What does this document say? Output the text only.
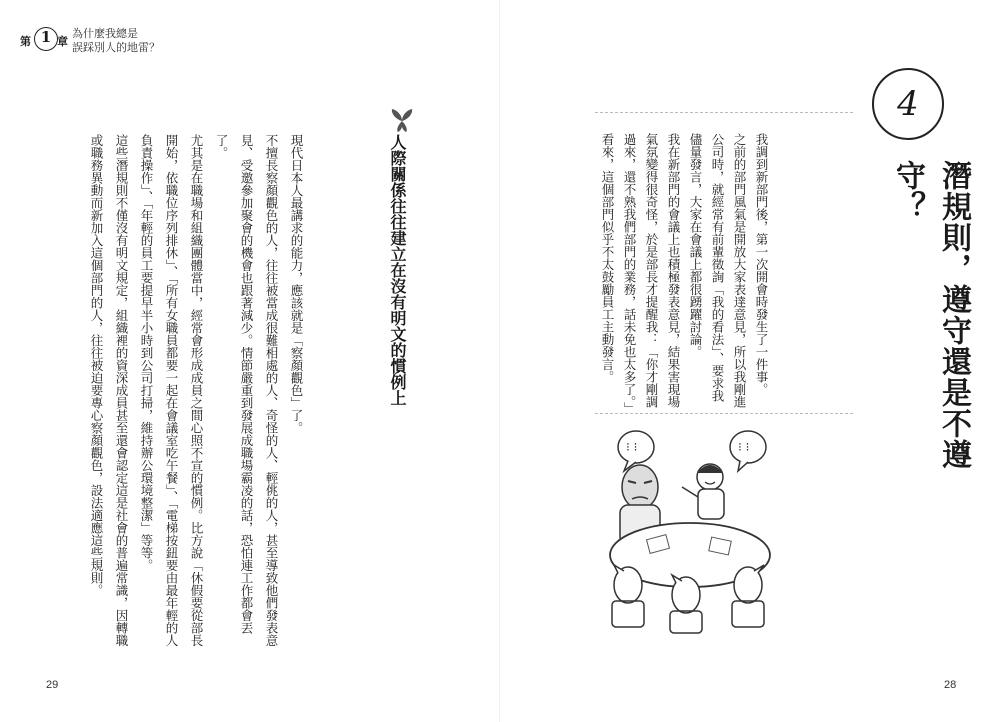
第 1 章
為什麼我總是
誤踩別人的地雷？
人際關係往往建立在沒有明文的慣例上
現代日本人最講求的能力，應該就是「察顏觀色」了。
不擅長察顏觀色的人，往往被當成很難相處的人、奇怪的人、輕佻的人，甚至導致他們發表意見、受邀參加聚會的機會也跟著減少。情節嚴重到發展成職場霸凌的話，恐怕連工作都會丟了。
尤其是在職場和組織團體當中，經常會形成成員之間心照不宣的慣例。比方說「休假要從部長開始，依職位序列排休」、「所有女職員都要一起在會議室吃午餐」、「電梯按鈕要由最年輕的人負責操作」、「年輕的員工要提早半小時到公司打掃，維持辦公環境整潔」等等。
這些潛規則不僅沒有明文規定，組織裡的資深成員甚至還會認定這是社會的普遍常識，因轉職或職務異動而新加入這個部門的人，往往被迫要專心察顏觀色，設法適應這些規則。
29
4
潛規則，遵守還是不遵守？
我調到新部門後，第一次開會時發生了一件事。
之前的部門風氣是開放大家表達意見，所以我剛進公司時，就經常有前輩徵詢「我的看法」、要求我儘量發言，大家在會議上都很踴躍討論。
我在新部門的會議上也積極發表意見，結果害現場氣氛變得很奇怪，於是部長才提醒我：「你才剛調過來，還不熟我們部門的業務，話未免也太多了。」
看來，這個部門似乎不太鼓勵員工主動發言。
⁝ ⁝	⁝ ⁝
28
